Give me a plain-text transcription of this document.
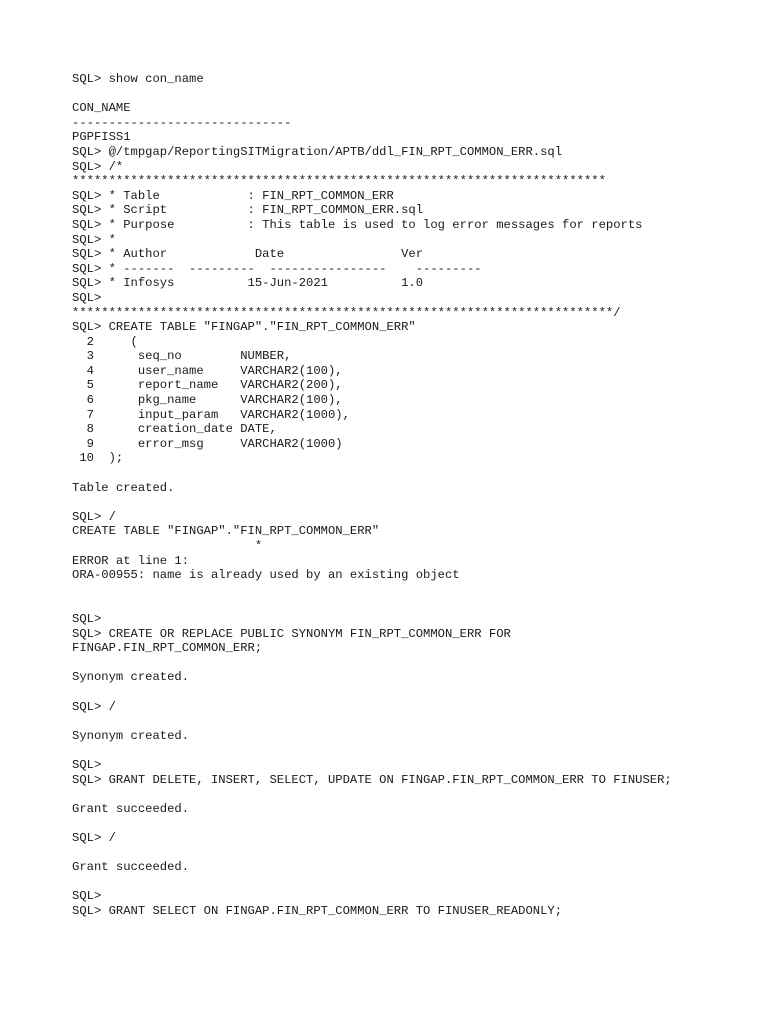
SQL> show con_name
CON_NAME
------------------------------
PGPFISS1
SQL> @/tmpgap/ReportingSITMigration/APTB/ddl_FIN_RPT_COMMON_ERR.sql
SQL> /*
*************************************************************************
SQL> * Table            : FIN_RPT_COMMON_ERR
SQL> * Script           : FIN_RPT_COMMON_ERR.sql
SQL> * Purpose          : This table is used to log error messages for reports
SQL> *
SQL> * Author            Date                Ver
SQL> * -------  ---------  ----------------    ---------
SQL> * Infosys          15-Jun-2021          1.0
SQL>
**************************************************************************/
SQL> CREATE TABLE "FINGAP"."FIN_RPT_COMMON_ERR"
2     (
3      seq_no        NUMBER,
4      user_name     VARCHAR2(100),
5      report_name   VARCHAR2(200),
6      pkg_name      VARCHAR2(100),
7      input_param   VARCHAR2(1000),
8      creation_date DATE,
9      error_msg     VARCHAR2(1000)
10  );
Table created.
SQL> /
CREATE TABLE "FINGAP"."FIN_RPT_COMMON_ERR"
*
ERROR at line 1:
ORA-00955: name is already used by an existing object
SQL>
SQL> CREATE OR REPLACE PUBLIC SYNONYM FIN_RPT_COMMON_ERR FOR
FINGAP.FIN_RPT_COMMON_ERR;
Synonym created.
SQL> /
Synonym created.
SQL>
SQL> GRANT DELETE, INSERT, SELECT, UPDATE ON FINGAP.FIN_RPT_COMMON_ERR TO FINUSER;
Grant succeeded.
SQL> /
Grant succeeded.
SQL>
SQL> GRANT SELECT ON FINGAP.FIN_RPT_COMMON_ERR TO FINUSER_READONLY;
